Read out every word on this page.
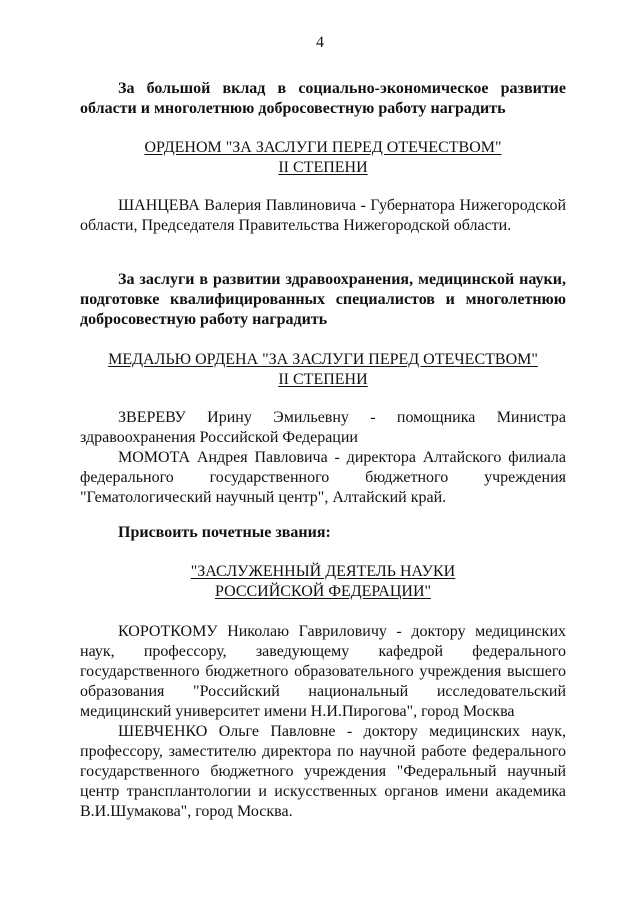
4
За большой вклад в социально-экономическое развитие области и многолетнюю добросовестную работу наградить
ОРДЕНОМ "ЗА ЗАСЛУГИ ПЕРЕД ОТЕЧЕСТВОМ"
II СТЕПЕНИ
ШАНЦЕВА Валерия Павлиновича - Губернатора Нижегородской области, Председателя Правительства Нижегородской области.
За заслуги в развитии здравоохранения, медицинской науки, подготовке квалифицированных специалистов и многолетнюю добросовестную работу наградить
МЕДАЛЬЮ ОРДЕНА "ЗА ЗАСЛУГИ ПЕРЕД ОТЕЧЕСТВОМ"
II СТЕПЕНИ
ЗВЕРЕВУ Ирину Эмильевну - помощника Министра здравоохранения Российской Федерации
МОМОТА Андрея Павловича - директора Алтайского филиала федерального государственного бюджетного учреждения "Гематологический научный центр", Алтайский край.
Присвоить почетные звания:
"ЗАСЛУЖЕННЫЙ ДЕЯТЕЛЬ НАУКИ
РОССИЙСКОЙ ФЕДЕРАЦИИ"
КОРОТКОМУ Николаю Гавриловичу - доктору медицинских наук, профессору, заведующему кафедрой федерального государственного бюджетного образовательного учреждения высшего образования "Российский национальный исследовательский медицинский университет имени Н.И.Пирогова", город Москва
ШЕВЧЕНКО Ольге Павловне - доктору медицинских наук, профессору, заместителю директора по научной работе федерального государственного бюджетного учреждения "Федеральный научный центр трансплантологии и искусственных органов имени академика В.И.Шумакова", город Москва.
